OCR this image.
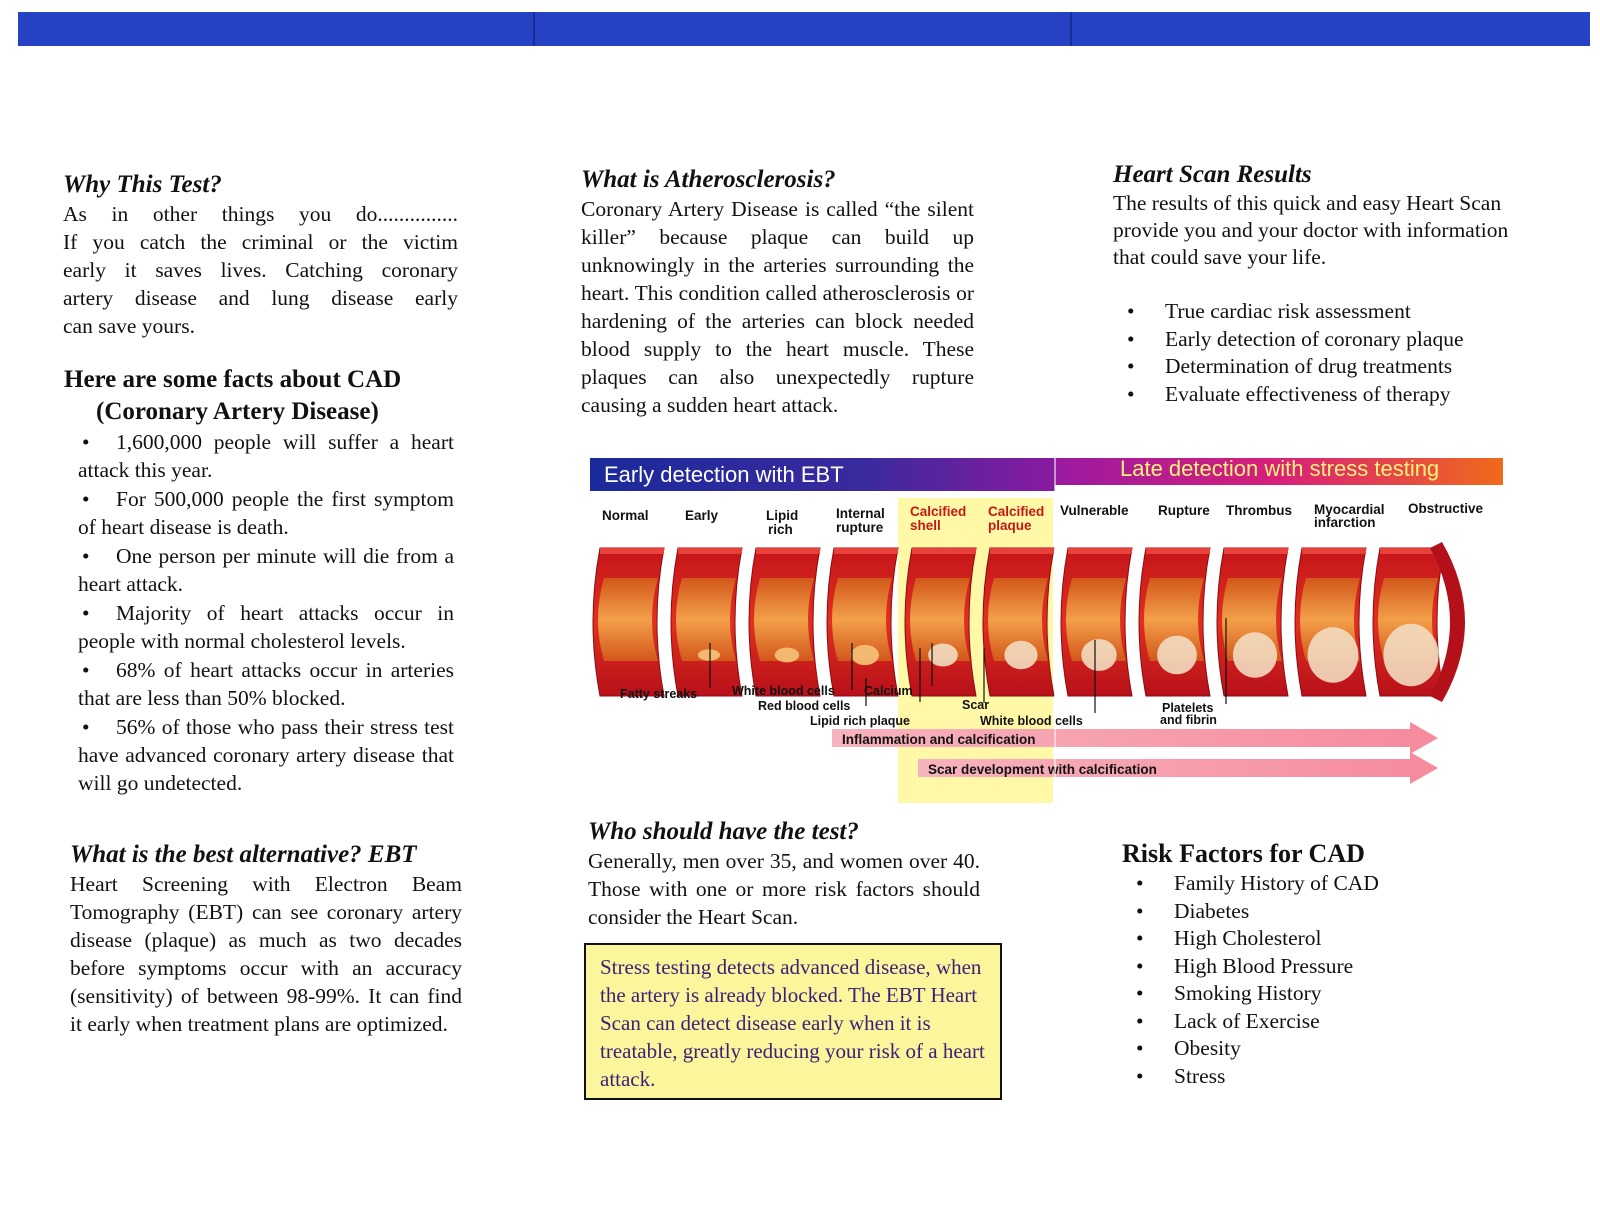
Why This Test?
As in other things you do...............
If you catch the criminal or the victim
early it saves lives. Catching coronary
artery disease and lung disease early
can save yours.
Here are some facts about CAD
(Coronary Artery Disease)
• 1,600,000 people will suffer a heart attack this year.
• For 500,000 people the first symptom of heart disease is death.
• One person per minute will die from a heart attack.
• Majority of heart attacks occur in people with normal cholesterol levels.
• 68% of heart attacks occur in arteries that are less than 50% blocked.
• 56% of those who pass their stress test have advanced coronary artery disease that will go undetected.
What is the best alternative? EBT

Heart Screening with Electron Beam Tomography (EBT) can see coronary artery disease (plaque) as much as two decades before symptoms occur with an accuracy (sensitivity) of between 98-99%. It can find it early when treatment plans are optimized.

What is Atherosclerosis?

Coronary Artery Disease is called “the silent killer” because plaque can build up unknowingly in the arteries surrounding the heart. This condition called atherosclerosis or hardening of the arteries can block needed blood supply to the heart muscle. These plaques can also unexpectedly rupture causing a sudden heart attack.

Who should have the test?

Generally, men over 35, and women over 40. Those with one or more risk factors should consider the Heart Scan.

Stress testing detects advanced disease, when the artery is already blocked. The EBT Heart Scan can detect disease early when it is treatable, greatly reducing your risk of a heart attack.

Heart Scan Results

The results of this quick and easy Heart Scan provide you and your doctor with information that could save your life.

• True cardiac risk assessment
• Early detection of coronary plaque
• Determination of drug treatments
• Evaluate effectiveness of therapy
Risk Factors for CAD
• Family History of CAD
• Diabetes
• High Cholesterol
• High Blood Pressure
• Smoking History
• Lack of Exercise
• Obesity
• Stress
Early detection with EBT	Late detection with stress testing
Normal	Early	Lipid
rich
Internal
rupture
Calcified
shell
Calcified
plaque
Vulnerable Rupture Thrombus Myocardial
infarction
Obstructive
Fatty streaks	White blood cells Calcium
Red blood cells
Lipid rich plaque
Scar
White blood cells
Platelets
and fibrin
Inflammation and calcification
Scar development with calcification
